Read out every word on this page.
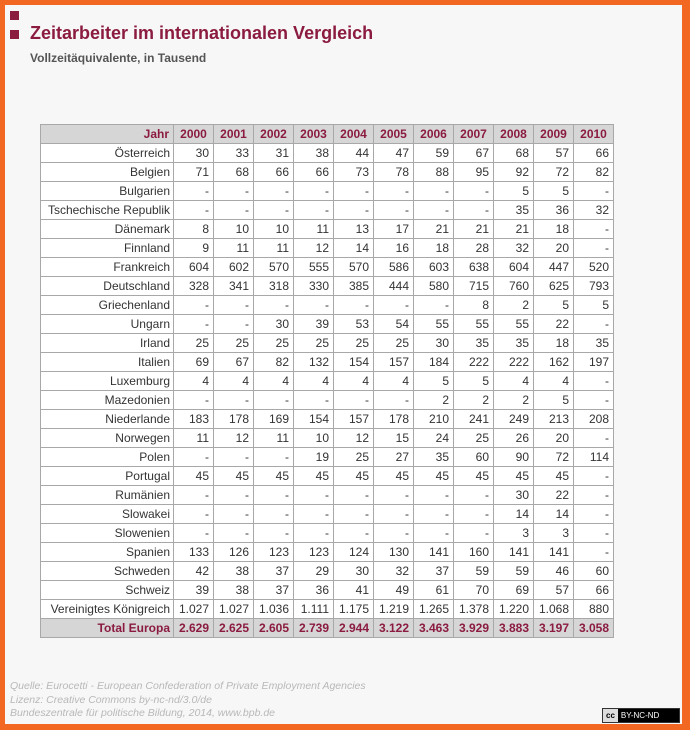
Zeitarbeiter im internationalen Vergleich
Vollzeitäquivalente, in Tausend
Jahr	2000	2001	2002	2003	2004	2005	2006	2007	2008	2009	2010
Österreich	30	33	31	38	44	47	59	67	68	57	66
Belgien	71	68	66	66	73	78	88	95	92	72	82
Bulgarien	-	-	-	-	-	-	-	-	5	5	-
Tschechische Republik	-	-	-	-	-	-	-	-	35	36	32
Dänemark	8	10	10	11	13	17	21	21	21	18	-
Finnland	9	11	11	12	14	16	18	28	32	20	-
Frankreich	604	602	570	555	570	586	603	638	604	447	520
Deutschland	328	341	318	330	385	444	580	715	760	625	793
Griechenland	-	-	-	-	-	-	-	8	2	5	5
Ungarn	-	-	30	39	53	54	55	55	55	22	-
Irland	25	25	25	25	25	25	30	35	35	18	35
Italien	69	67	82	132	154	157	184	222	222	162	197
Luxemburg	4	4	4	4	4	4	5	5	4	4	-
Mazedonien	-	-	-	-	-	-	2	2	2	5	-
Niederlande	183	178	169	154	157	178	210	241	249	213	208
Norwegen	11	12	11	10	12	15	24	25	26	20	-
Polen	-	-	-	19	25	27	35	60	90	72	114
Portugal	45	45	45	45	45	45	45	45	45	45	-
Rumänien	-	-	-	-	-	-	-	-	30	22	-
Slowakei	-	-	-	-	-	-	-	-	14	14	-
Slowenien	-	-	-	-	-	-	-	-	3	3	-
Spanien	133	126	123	123	124	130	141	160	141	141	-
Schweden	42	38	37	29	30	32	37	59	59	46	60
Schweiz	39	38	37	36	41	49	61	70	69	57	66
Vereinigtes Königreich	1.027	1.027	1.036	1.111	1.175	1.219	1.265	1.378	1.220	1.068	880
Total Europa	2.629	2.625	2.605	2.739	2.944	3.122	3.463	3.929	3.883	3.197	3.058
Quelle: Eurocetti - European Confederation of Private Employment Agencies
Lizenz: Creative Commons by-nc-nd/3.0/de
Bundeszentrale für politische Bildung, 2014, www.bpb.de	cc BY-NC-ND
